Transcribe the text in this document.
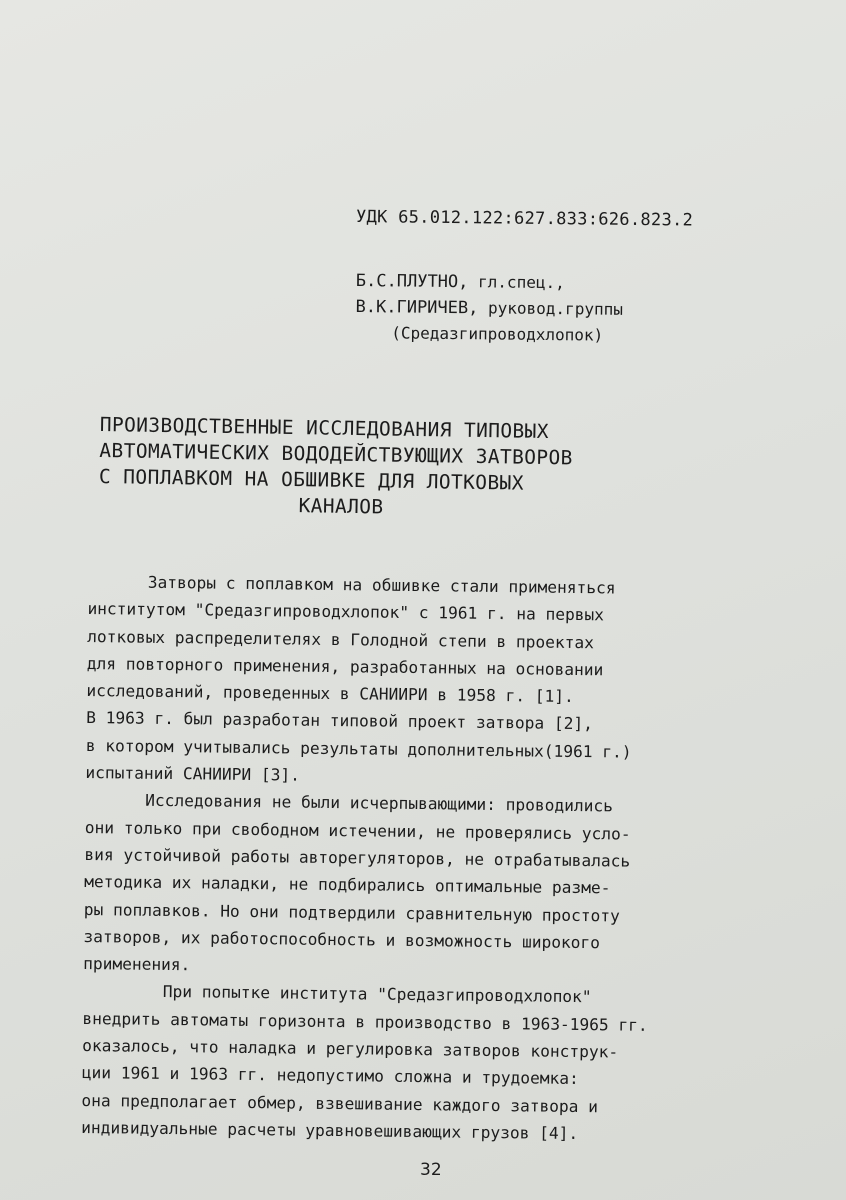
УДК 65.012.122:627.833:626.823.2
Б.С.ПЛУТНО, гл.спец.,
В.К.ГИРИЧЕВ, руковод.группы
(Средазгипроводхлопок)
ПРОИЗВОДСТВЕННЫЕ ИССЛЕДОВАНИЯ ТИПОВЫХ
АВТОМАТИЧЕСКИХ ВОДОДЕЙСТВУЮЩИХ ЗАТВОРОВ
С ПОПЛАВКОМ НА ОБШИВКЕ ДЛЯ ЛОТКОВЫХ
КАНАЛОВ
Затворы с поплавком на обшивке стали применяться
институтом "Средазгипроводхлопок" с 1961 г. на первых
лотковых распределителях в Голодной степи в проектах
для повторного применения, разработанных на основании
исследований, проведенных в САНИИРИ в 1958 г. [1].
В 1963 г. был разработан типовой проект затвора [2],
в котором учитывались результаты дополнительных(1961 г.)
испытаний САНИИРИ [3].
Исследования не были исчерпывающими: проводились
они только при свободном истечении, не проверялись усло-
вия устойчивой работы авторегуляторов, не отрабатывалась
методика их наладки, не подбирались оптимальные разме-
ры поплавков. Но они подтвердили сравнительную простоту
затворов, их работоспособность и возможность широкого
применения.
При попытке института "Средазгипроводхлопок"
внедрить автоматы горизонта в производство в 1963-1965 гг.
оказалось, что наладка и регулировка затворов конструк-
ции 1961 и 1963 гг. недопустимо сложна и трудоемка:
она предполагает обмер, взвешивание каждого затвора и
индивидуальные расчеты уравновешивающих грузов [4].
32
